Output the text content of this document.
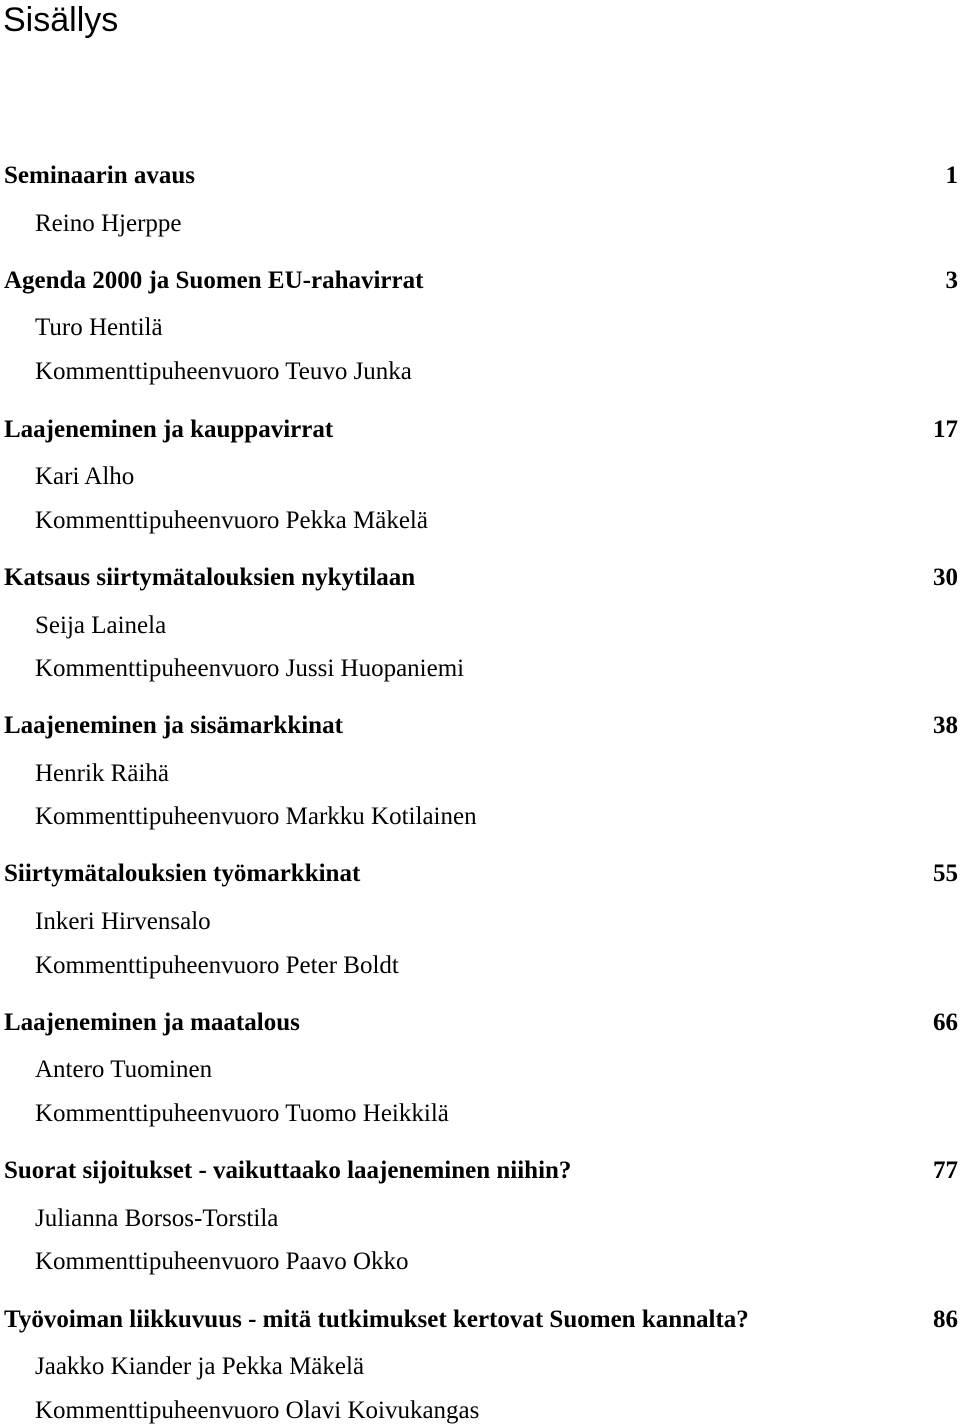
Sisällys
Seminaarin avaus	1
Reino Hjerppe
Agenda 2000 ja Suomen EU-rahavirrat	3
Turo Hentilä
Kommenttipuheenvuoro Teuvo Junka
Laajeneminen ja kauppavirrat	17
Kari Alho
Kommenttipuheenvuoro Pekka Mäkelä
Katsaus siirtymätalouksien nykytilaan	30
Seija Lainela
Kommenttipuheenvuoro Jussi Huopaniemi
Laajeneminen ja sisämarkkinat	38
Henrik Räihä
Kommenttipuheenvuoro Markku Kotilainen
Siirtymätalouksien työmarkkinat	55
Inkeri Hirvensalo
Kommenttipuheenvuoro Peter Boldt
Laajeneminen ja maatalous	66
Antero Tuominen
Kommenttipuheenvuoro Tuomo Heikkilä
Suorat sijoitukset - vaikuttaako laajeneminen niihin?	77
Julianna Borsos-Torstila
Kommenttipuheenvuoro Paavo Okko
Työvoiman liikkuvuus - mitä tutkimukset kertovat Suomen kannalta?	86
Jaakko Kiander ja Pekka Mäkelä
Kommenttipuheenvuoro Olavi Koivukangas
